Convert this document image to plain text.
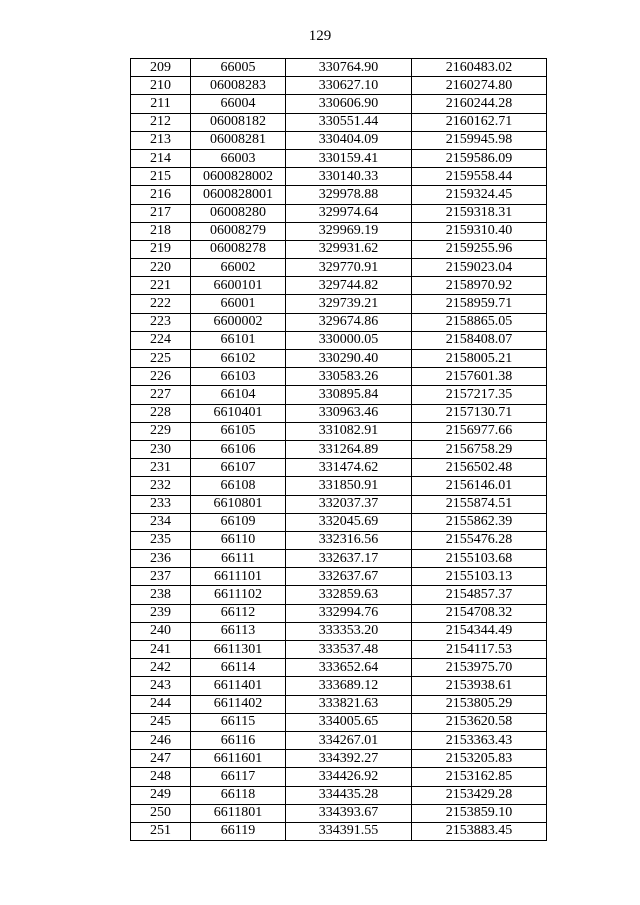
129
209	66005	330764.90	2160483.02
210	06008283	330627.10	2160274.80
211	66004	330606.90	2160244.28
212	06008182	330551.44	2160162.71
213	06008281	330404.09	2159945.98
214	66003	330159.41	2159586.09
215	0600828002	330140.33	2159558.44
216	0600828001	329978.88	2159324.45
217	06008280	329974.64	2159318.31
218	06008279	329969.19	2159310.40
219	06008278	329931.62	2159255.96
220	66002	329770.91	2159023.04
221	6600101	329744.82	2158970.92
222	66001	329739.21	2158959.71
223	6600002	329674.86	2158865.05
224	66101	330000.05	2158408.07
225	66102	330290.40	2158005.21
226	66103	330583.26	2157601.38
227	66104	330895.84	2157217.35
228	6610401	330963.46	2157130.71
229	66105	331082.91	2156977.66
230	66106	331264.89	2156758.29
231	66107	331474.62	2156502.48
232	66108	331850.91	2156146.01
233	6610801	332037.37	2155874.51
234	66109	332045.69	2155862.39
235	66110	332316.56	2155476.28
236	66111	332637.17	2155103.68
237	6611101	332637.67	2155103.13
238	6611102	332859.63	2154857.37
239	66112	332994.76	2154708.32
240	66113	333353.20	2154344.49
241	6611301	333537.48	2154117.53
242	66114	333652.64	2153975.70
243	6611401	333689.12	2153938.61
244	6611402	333821.63	2153805.29
245	66115	334005.65	2153620.58
246	66116	334267.01	2153363.43
247	6611601	334392.27	2153205.83
248	66117	334426.92	2153162.85
249	66118	334435.28	2153429.28
250	6611801	334393.67	2153859.10
251	66119	334391.55	2153883.45
